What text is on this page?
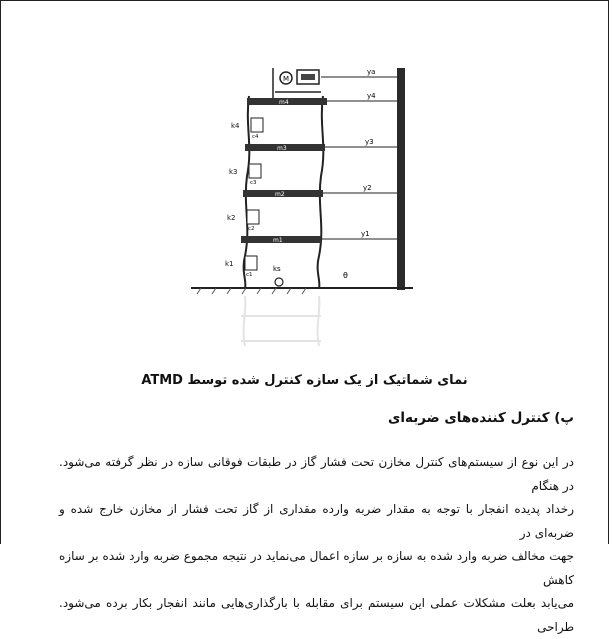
m4
m3
m2
m1
M
ya
y4
y3
y2
y1
k4
k3
k2
k1
c4
c3
c2
c1
ks
θ
نمای شماتیک از یک سازه کنترل شده توسط ATMD
پ) کنترل کننده‌های ضربه‌ای

در این نوع از سیستم‌های کنترل مخازن تحت فشار گاز در طبقات فوقانی سازه در نظر گرفته می‌شود. در هنگام

رخداد پدیده انفجار با توجه به مقدار ضربه وارده مقداری از گاز تحت فشار از مخازن خارج شده و ضربه‌ای در

جهت مخالف ضربه وارد شده به سازه بر سازه اعمال می‌نماید در نتیجه مجموع ضربه وارد شده بر سازه کاهش

می‌یابد بعلت مشکلات عملی این سیستم برای مقابله با بارگذاری‌هایی مانند انفجار بکار برده می‌شود. طراحی
